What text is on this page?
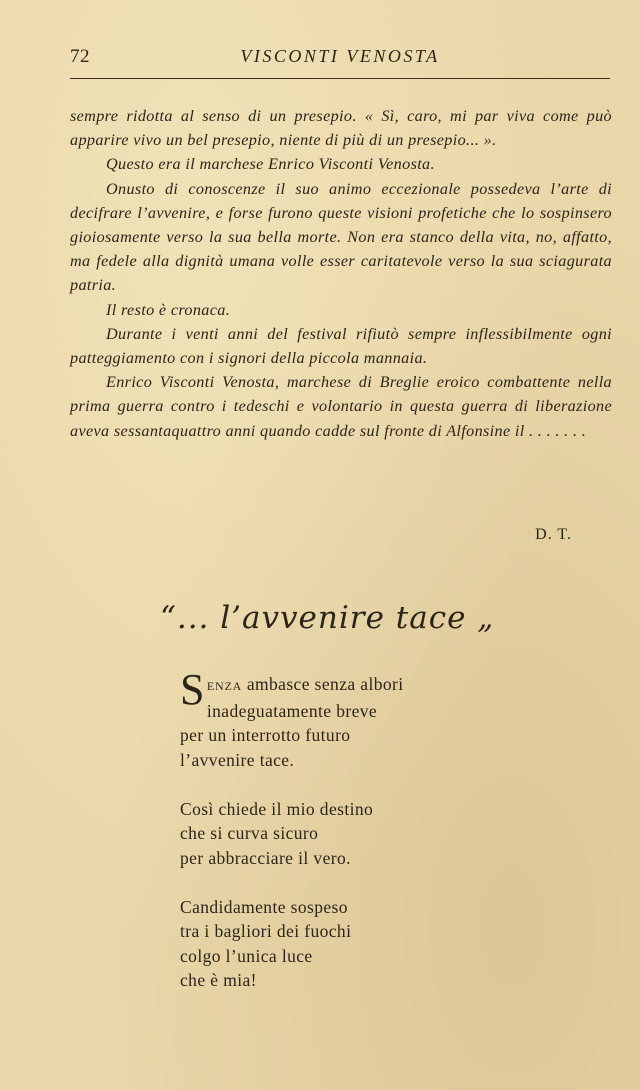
72	VISCONTI VENOSTA

sempre ridotta al senso di un presepio. « Sì, caro, mi par viva come può apparire vivo un bel presepio, niente di più di un presepio... ».

Questo era il marchese Enrico Visconti Venosta.

Onusto di conoscenze il suo animo eccezionale possedeva l’arte di decifrare l’avvenire, e forse furono queste visioni profetiche che lo sospinsero gioiosamente verso la sua bella morte. Non era stanco della vita, no, affatto, ma fedele alla dignità umana volle esser caritatevole verso la sua sciagurata patria.

Il resto è cronaca.

Durante i venti anni del festival rifiutò sempre inflessibilmente ogni patteggiamento con i signori della piccola mannaia.

Enrico Visconti Venosta, marchese di Breglie eroico combattente nella prima guerra contro i tedeschi e volontario in questa guerra di liberazione aveva sessantaquattro anni quando cadde sul fronte di Alfonsine il . . . . . . .

D. T.
“... l’avvenire tace „
SENZA ambasce senza albori
inadeguatamente breve
per un interrotto futuro
l’avvenire tace.
Così chiede il mio destino
che si curva sicuro
per abbracciare il vero.
Candidamente sospeso
tra i bagliori dei fuochi
colgo l’unica luce
che è mia!
